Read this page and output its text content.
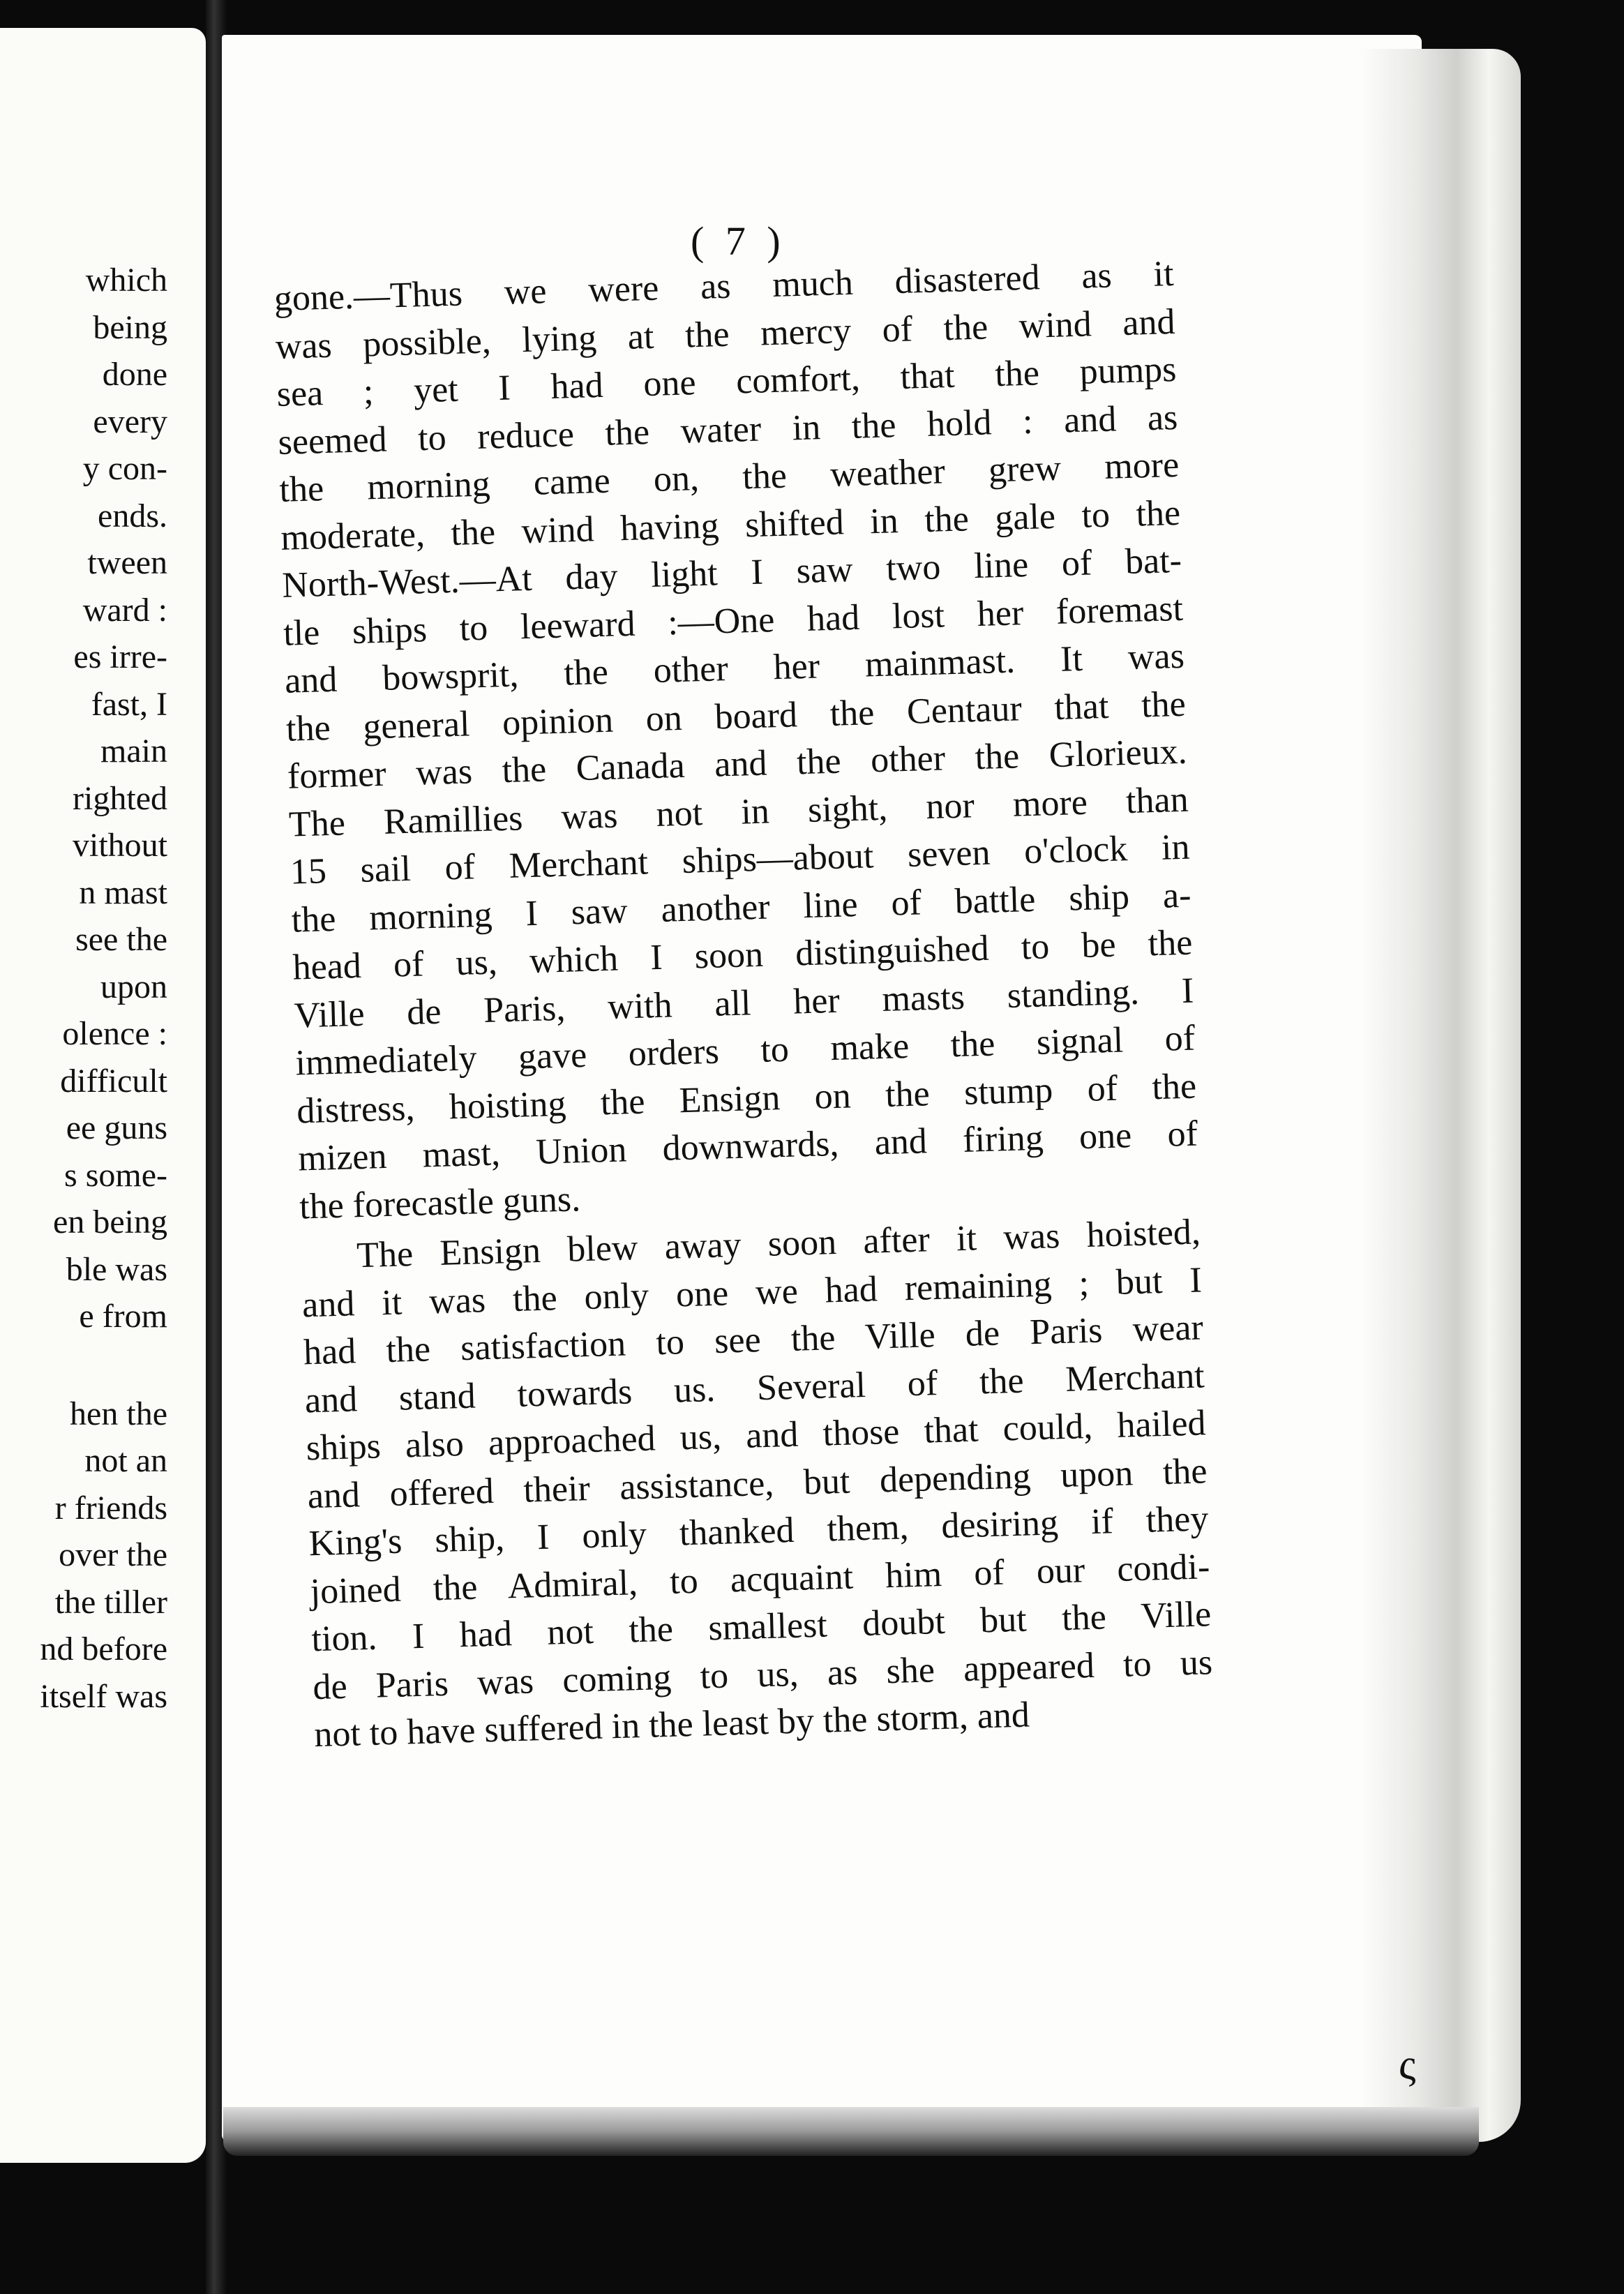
which
being
done
every
y con-
ends.
tween
ward :
es irre-
fast, I
main
righted
vithout
n mast
see the
upon
olence :
difficult
ee guns
s some-
en being
ble was
e from
hen the
not an
r friends
over the
the tiller
nd before
itself was
( 7 )
gone.—Thus we were as much disastered as it
was possible, lying at the mercy of the wind and
sea ; yet I had one comfort, that the pumps
seemed to reduce the water in the hold : and as
the morning came on, the weather grew more
moderate, the wind having shifted in the gale to the
North-West.—At day light I saw two line of bat-
tle ships to leeward :—One had lost her foremast
and bowsprit, the other her mainmast. It was
the general opinion on board the Centaur that the
former was the Canada and the other the Glorieux.
The Ramillies was not in sight, nor more than
15 sail of Merchant ships—about seven o'clock in
the morning I saw another line of battle ship a-
head of us, which I soon distinguished to be the
Ville de Paris, with all her masts standing. I
immediately gave orders to make the signal of
distress, hoisting the Ensign on the stump of the
mizen mast, Union downwards, and firing one of
the forecastle guns.
The Ensign blew away soon after it was hoisted,
and it was the only one we had remaining ; but I
had the satisfaction to see the Ville de Paris wear
and stand towards us. Several of the Merchant
ships also approached us, and those that could, hailed
and offered their assistance, but depending upon the
King's ship, I only thanked them, desiring if they
joined the Admiral, to acquaint him of our condi-
tion. I had not the smallest doubt but the Ville
de Paris was coming to us, as she appeared to us
not to have suffered in the least by the storm, and
ς
